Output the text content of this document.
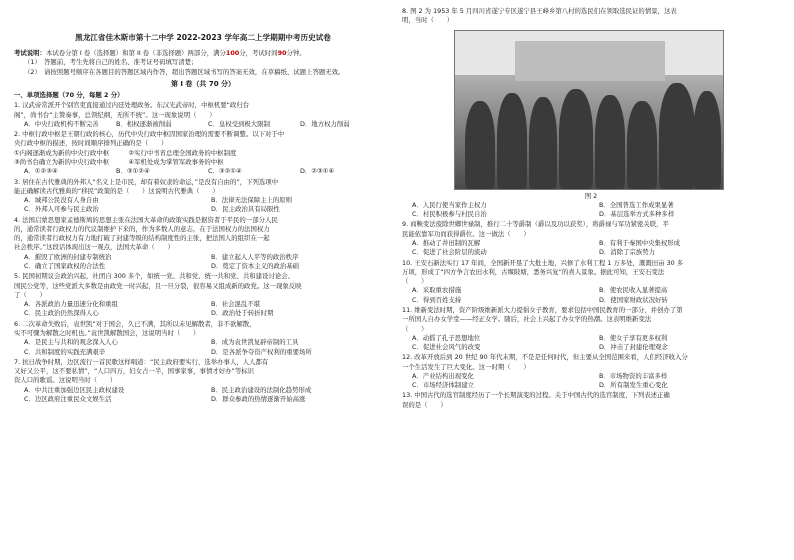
黑龙江省佳木斯市第十二中学 2022-2023 学年高二上学期期中考历史试卷
考试说明：本试卷分第 I 卷（选择题）和第 II 卷（非选择题）两部分，满分100分，考试时间90分钟。
（1）　答题前，考生先将自己的姓名、准考证号码填写清楚；
（2）　请按照题号顺序在各题目的答题区域内作答，超出答题区域书写的答案无效，在草稿纸、试题上答题无效。
第 I 卷（共 70 分）
一、单项选择题（70 分，每题 2 分）
1. 汉武帝常派开个别官吏直接通过内廷处理政务。东汉光武帝时，中枢机要“政归台
阁”，尚书台“主赞奏事，总领纪纲，无所不统”。这一现象说明（　　）
A．中央行政机构不断完善	B．相权逐渐被削弱	C．皇权受到极大限制	D．地方权力削弱
2. 中枢行政中枢是王朝行政的核心，历代中央行政中枢因国家治理的需要不断调整。以下对于中
央行政中枢的描述，按时间顺序排列正确的是（　　）
①内阁逐渐成为新的中央行政中枢　　　②实行中书省总理全国政务的中枢制度
③尚书台确立为新的中央行政中枢　　　④军机处成为掌管军政事务的中枢
A．①②③④	B．③①②④	C．③②①④	D．②③①④
3. 居住在古代雅典的外邦人“名义上是市民，却有着奴隶的命运，”是没有自由的”，下列选项中
能正确解读古代雅典的“移民”政策的是（　　）这说明古代雅典（　　）
A．城邦公民没有人身自由	B．法律无法保障主上的原则
C．外邦人可参与民主政治	D．民主政治具有局限性
4. 法国启蒙思想家孟德斯鸠的思想主张在法国大革命的政策实践是据资者于平民的一部分人民
的，通常读者行政权力的代议制维护下来的，作为多数人的意志，在于法国权力的法国权力
的，通常读者行政权力有力地打破了封建等级的结构制度性的主张，把法国人的组织在一起
社会秩序。”这段话体现出这一观点，法国大革命（　　）
A．摧毁了欧洲的封建专制统治	B．建立起人人平等的政治秩序
C．确立了国家政权的合法性	D．奠定了资本主义的政治基础
5. 民国初期议会政治兴起，社团自 300 多个，如统一党、共和党、统一共和党、共和建设讨论会、
国民公党等，这些党派大多数是由政党一时兴起，且一旦分裂，很容易又组成新的政党。这一现象反映
了（　　）
A．各派政治力量迅速分化和重组	B．社会混乱不堪
C．民主政治仍然深得人心	D．政治处于转折时期
6. 二次革命失败后，袁世凯“对于国会，久已不满，其所以未见解散者，非不欲解散，
实不可骤为解散之时机也。”袁世凯解散国会，这说明当时（　　）
A．是民主与共和的观念深入人心	B．成为袁世凯复辟帝制的工具
C．共和制度的实践充满艰辛	D．是各派争夺资产权利的重要场所
7. 抗日战争时期，边区流行一首民歌这样唱道：“民主政府要实行，选举办事人，人人都有
又好又公平，这不要私情”，“人口四万，妇女占一半，国事家事，事情才好办”等标识
资人口的歌谣。这说明当时（　　）
A．中共注重加强边区民主政权建设	B．民主政治建设的法制化趋势形成
C．边区政府注重民众文娱生活	D．群众参政的热情逐渐开始高涨
8. 图 2 为 1953 年 5 月四川省遂宁专区遂宁县王峰乡第八村的选民们在领取选民证的情景，这表
明，当时（　　）
图 2
A．人民行使当家作主权力	B．全国普选工作成果显著
C．村民积极参与村民自治	D．基层选举方式多种多样
9. 商鞅变法废除世卿世禄制，推行二十等爵制（爵以及功以获奖），将爵禄与军功紧密关联，平
民能依靠军功而获得爵位。这一做法（　　）
A．推动了井田制的瓦解	B．有利于秦国中央集权形成
C．促进了社会阶层的流动	D．消除了宗族势力
10. 王安石新法实行 17 年间，全国新开垦了大批土地，兴修了水利工程 1 万多处，溉溉田亩 30 多
万顷，形成了“四方争言农田水利，古堰陂塘，悉务兴复”的喜人景象。据此可知，王安石变法
（　　）
A．采取重农措施	B．使农民收入显著提高
C．得到百姓支持	D．使国家财政状况好转
11. 维新变法时期，资产阶级维新派大力提倡女子教育，要求包括中国民教育的一部分，并创办了第
一所国人自办女学堂——经正女学。随后，社会上兴起了办女学的热潮。这表明维新变法
（　　）
A．动摇了孔子思想地位	B．使女子享有更多权利
C．促进社会风气的改变	D．冲击了封建伦理观念
12. 改革开放后到 20 世纪 90 年代末期，不是是任何时代，但主要从全国范围来看，人们经济收入分
一个生活发生了巨大变化。这一时期（　　）
A．产业结构出现变化	B．市场物资的丰富多样
C．市场经济体制建立	D．所有制发生重心变化
13. 中国古代的选官制度经历了一个长期演变的过程。关于中国古代的选官制度，下列表述正确
误的是（　　）
